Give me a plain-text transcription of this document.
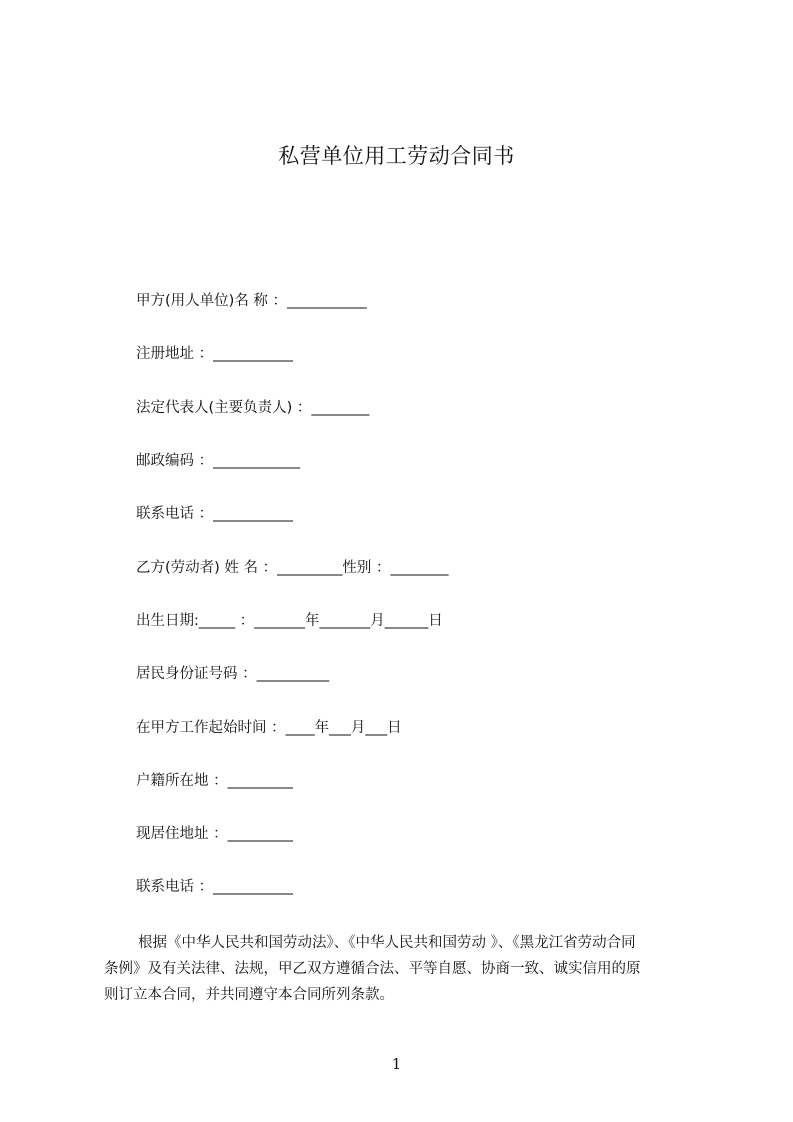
私营单位用工劳动合同书
甲方(用人单位)名 称 ：___________
注册地址 ：___________
法定代表人(主要负责人) ：________
邮政编码 ：____________
联系电话 ：___________
乙方(劳动者) 姓 名 ：_________性别 ：________
出生日期:_____ ：_______年_______月______日
居民身份证号码 ：__________
在甲方工作起始时间 ：____年___月___日
户籍所在地 ：_________
现居住地址 ：_________
联系电话 ：___________

根据《中华人民共和国劳动法》、《中华人民共和国劳动 》、《黑龙江省劳动合同

条例》及有关法律、法规，甲乙双方遵循合法、平等自愿、协商一致、诚实信用的原

则订立本合同，并共同遵守本合同所列条款。

1
